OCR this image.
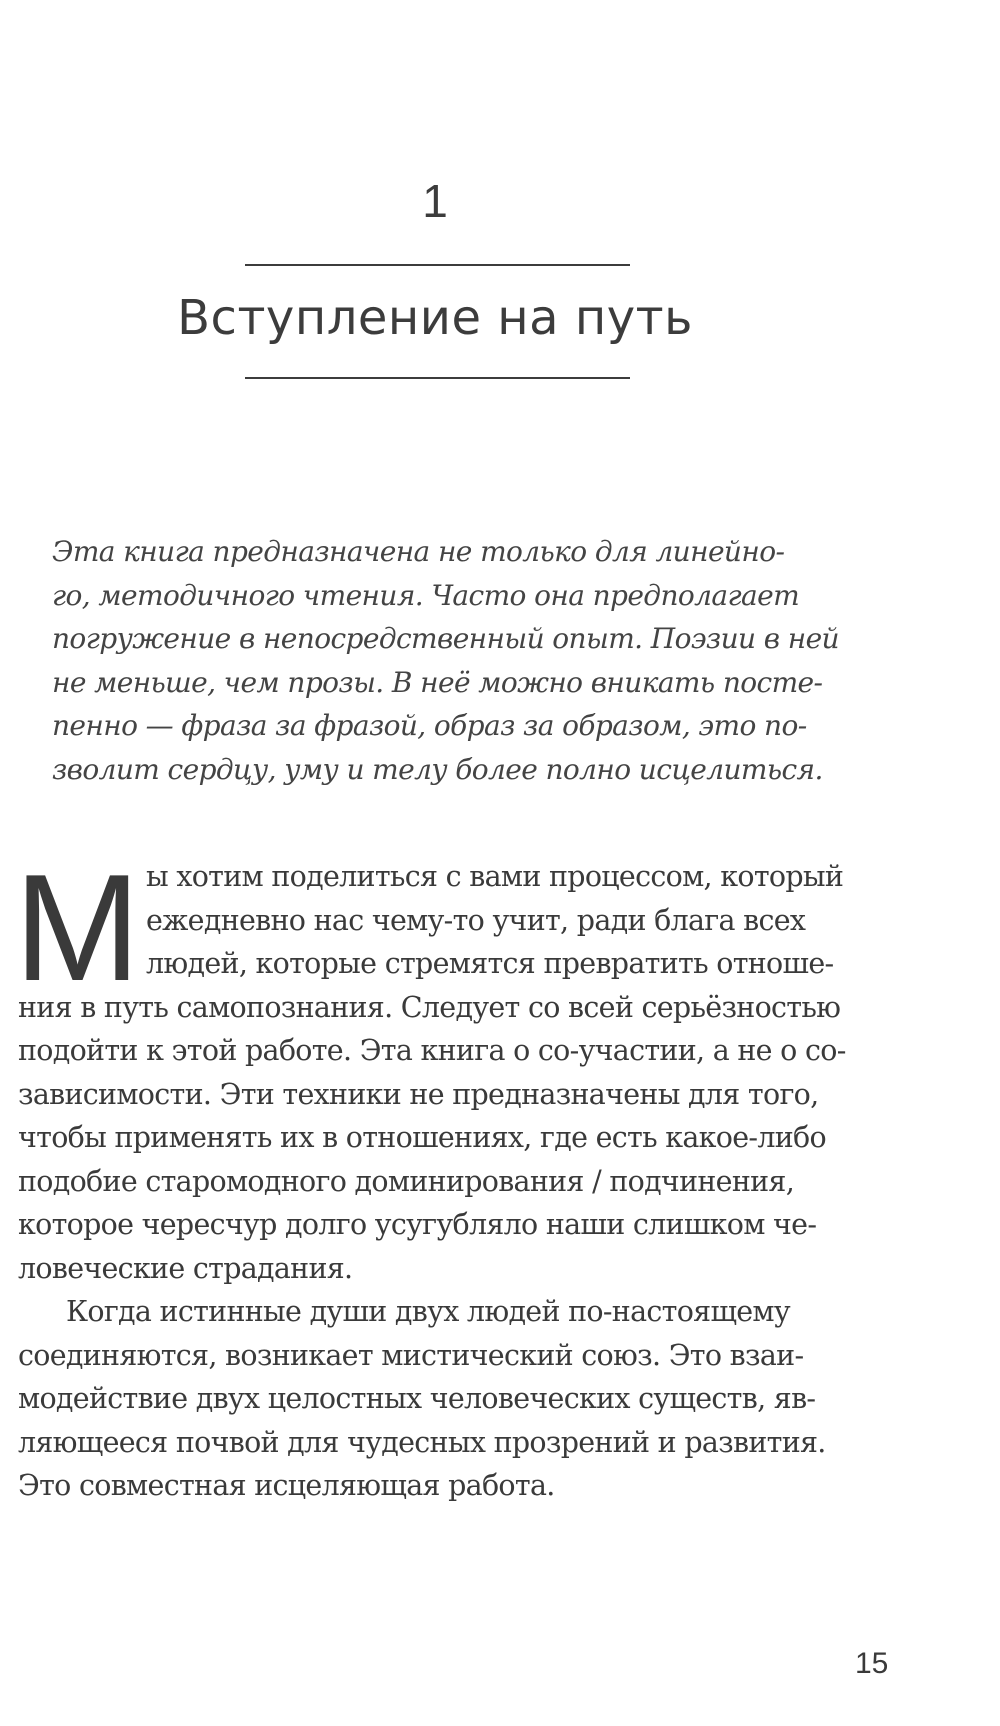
1
Вступление на путь
Эта книга предназначена не только для линейно-
го, методичного чтения. Часто она предполагает
погружение в непосредственный опыт. Поэзии в ней
не меньше, чем прозы. В неё можно вникать посте-
пенно — фраза за фразой, образ за образом, это по-
зволит сердцу, уму и телу более полно исцелиться.
М ы хотим поделиться с вами процессом, который
ежедневно нас чему-то учит, ради блага всех
людей, которые стремятся превратить отноше-
ния в путь самопознания. Следует со всей серьёзностью
подойти к этой работе. Эта книга о со-участии, а не о со-
зависимости. Эти техники не предназначены для того,
чтобы применять их в отношениях, где есть какое-либо
подобие старомодного доминирования / подчинения,
которое чересчур долго усугубляло наши слишком че-
ловеческие страдания.
Когда истинные души двух людей по-настоящему
соединяются, возникает мистический союз. Это взаи-
модействие двух целостных человеческих существ, яв-
ляющееся почвой для чудесных прозрений и развития.
Это совместная исцеляющая работа.
15
